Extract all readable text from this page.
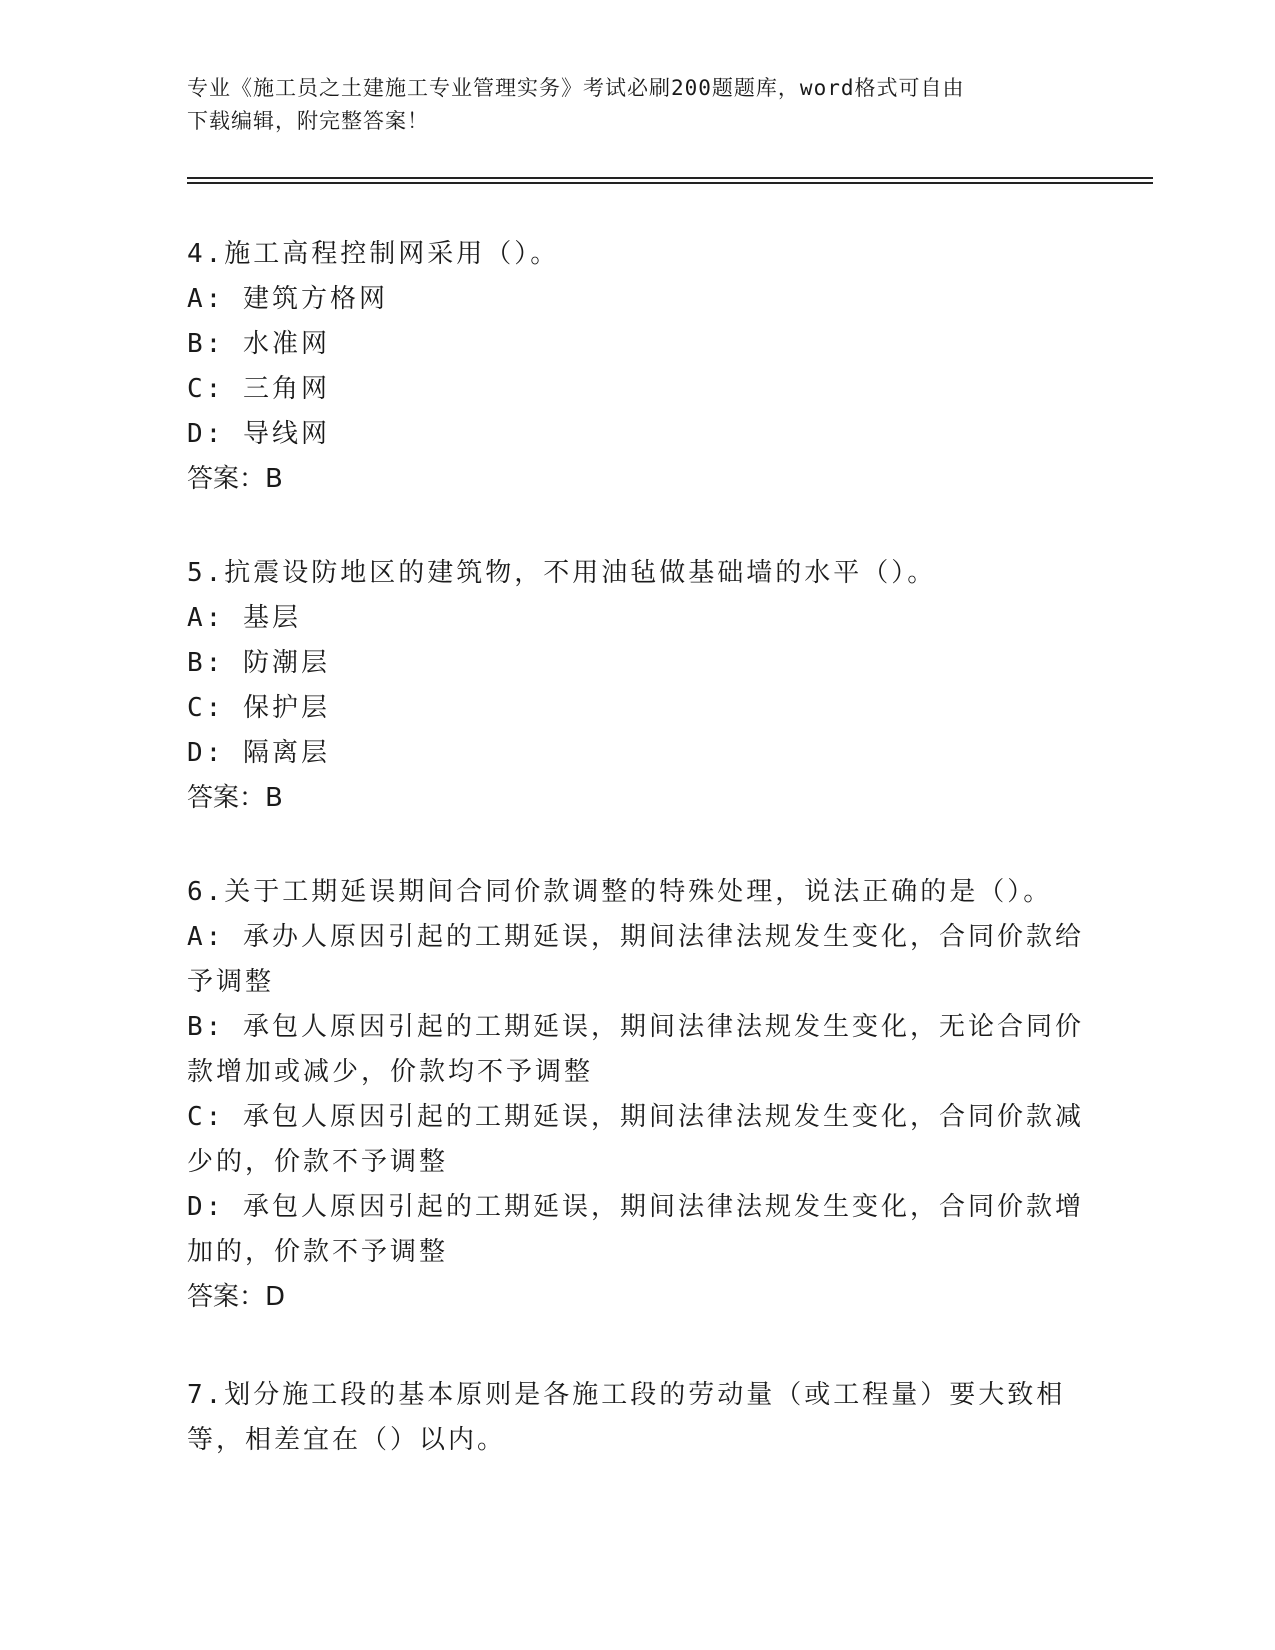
专业《施工员之土建施工专业管理实务》考试必刷200题题库，word格式可自由
下载编辑，附完整答案！
4.施工高程控制网采用（）。
A: 建筑方格网
B: 水准网
C: 三角网
D: 导线网
答案：B
5.抗震设防地区的建筑物，不用油毡做基础墙的水平（）。
A: 基层
B: 防潮层
C: 保护层
D: 隔离层
答案：B
6.关于工期延误期间合同价款调整的特殊处理，说法正确的是（）。
A: 承办人原因引起的工期延误，期间法律法规发生变化，合同价款给
予调整
B: 承包人原因引起的工期延误，期间法律法规发生变化，无论合同价
款增加或减少，价款均不予调整
C: 承包人原因引起的工期延误，期间法律法规发生变化，合同价款减
少的，价款不予调整
D: 承包人原因引起的工期延误，期间法律法规发生变化，合同价款增
加的，价款不予调整
答案：D
7.划分施工段的基本原则是各施工段的劳动量（或工程量）要大致相
等，相差宜在（）以内。
